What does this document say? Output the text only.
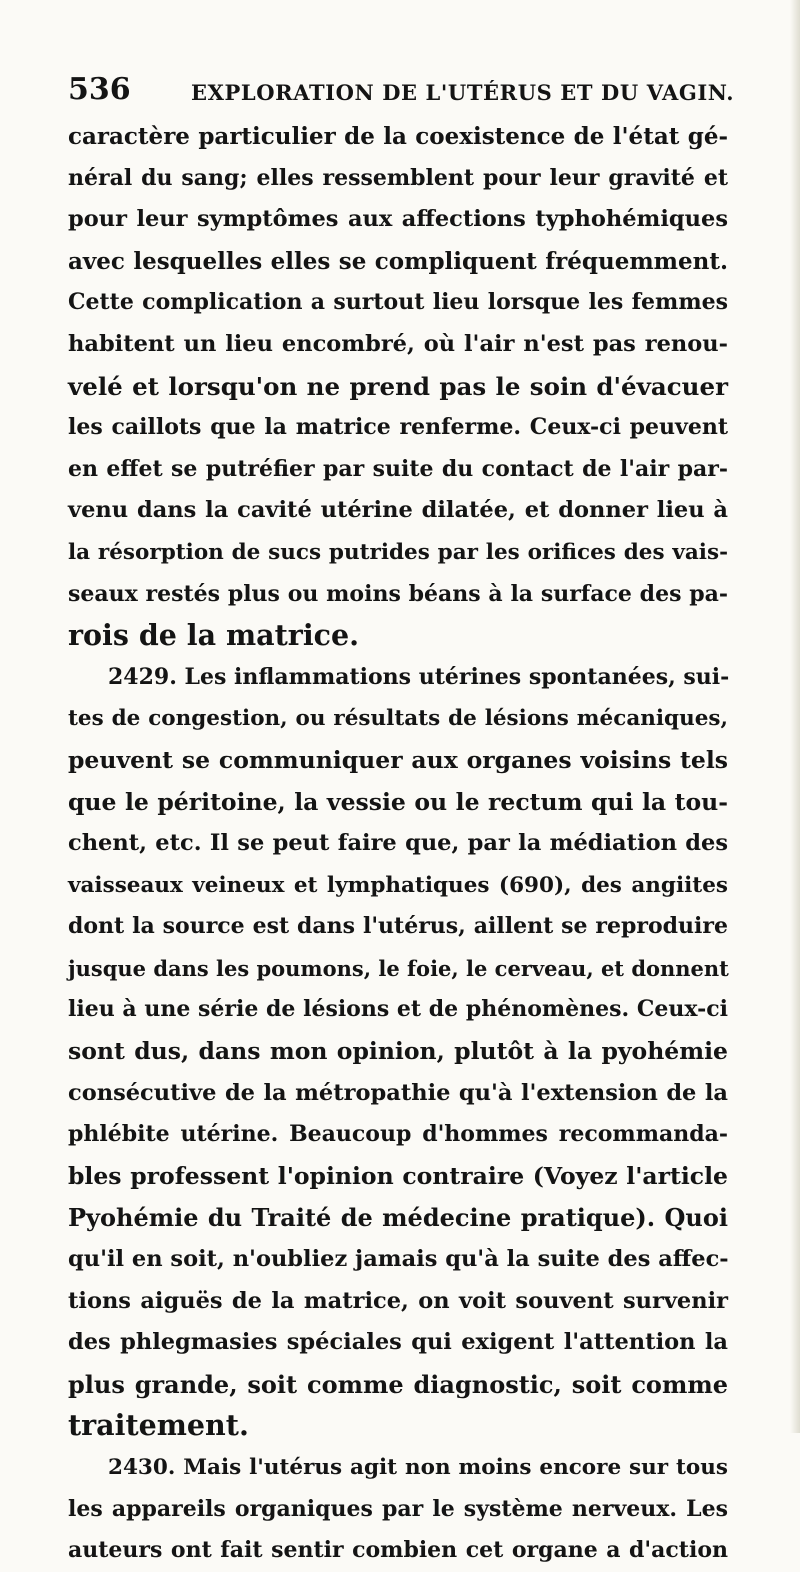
536	EXPLORATION DE L'UTÉRUS ET DU VAGIN.
caractère particulier de la coexistence de l'état gé-
néral du sang; elles ressemblent pour leur gravité et
pour leur symptômes aux affections typhohémiques
avec lesquelles elles se compliquent fréquemment.
Cette complication a surtout lieu lorsque les femmes
habitent un lieu encombré, où l'air n'est pas renou-
velé et lorsqu'on ne prend pas le soin d'évacuer
les caillots que la matrice renferme. Ceux-ci peuvent
en effet se putréfier par suite du contact de l'air par-
venu dans la cavité utérine dilatée, et donner lieu à
la résorption de sucs putrides par les orifices des vais-
seaux restés plus ou moins béans à la surface des pa-
rois de la matrice.
2429. Les inflammations utérines spontanées, sui-
tes de congestion, ou résultats de lésions mécaniques,
peuvent se communiquer aux organes voisins tels
que le péritoine, la vessie ou le rectum qui la tou-
chent, etc. Il se peut faire que, par la médiation des
vaisseaux veineux et lymphatiques (690), des angiites
dont la source est dans l'utérus, aillent se reproduire
jusque dans les poumons, le foie, le cerveau, et donnent
lieu à une série de lésions et de phénomènes. Ceux-ci
sont dus, dans mon opinion, plutôt à la pyohémie
consécutive de la métropathie qu'à l'extension de la
phlébite utérine. Beaucoup d'hommes recommanda-
bles professent l'opinion contraire (Voyez l'article
Pyohémie du Traité de médecine pratique). Quoi
qu'il en soit, n'oubliez jamais qu'à la suite des affec-
tions aiguës de la matrice, on voit souvent survenir
des phlegmasies spéciales qui exigent l'attention la
plus grande, soit comme diagnostic, soit comme
traitement.
2430. Mais l'utérus agit non moins encore sur tous
les appareils organiques par le système nerveux. Les
auteurs ont fait sentir combien cet organe a d'action
